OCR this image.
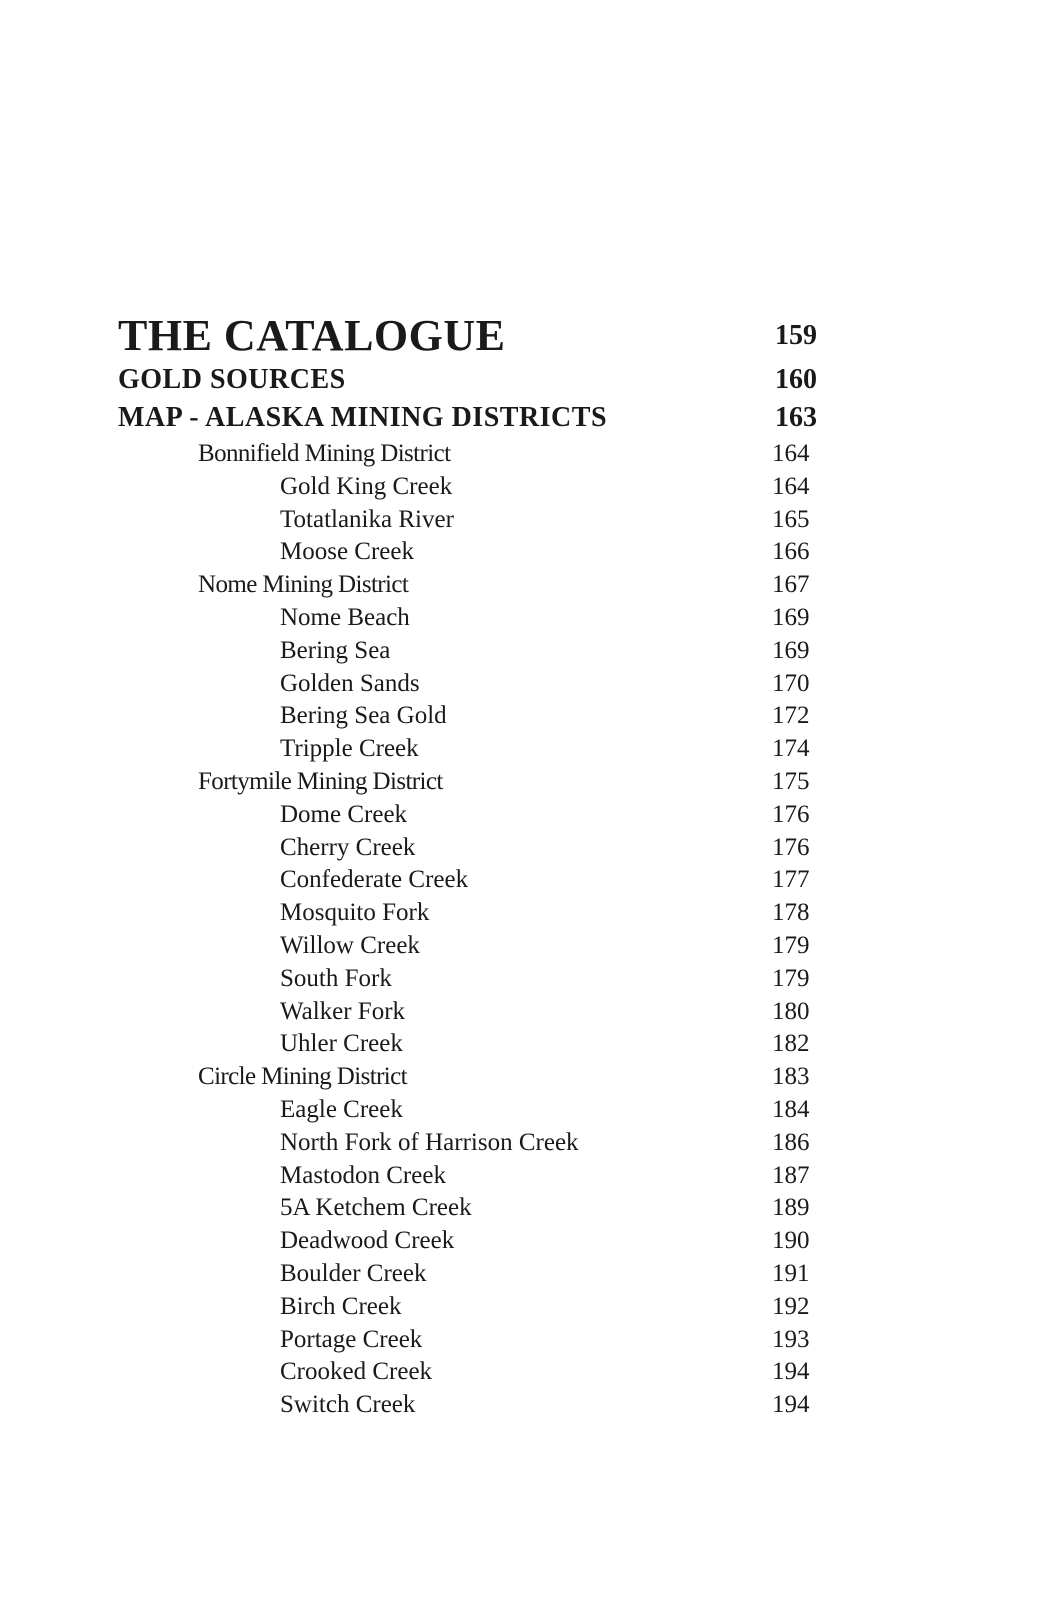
THE CATALOGUE	159
GOLD SOURCES	160
MAP - ALASKA MINING DISTRICTS	163
Bonnifield Mining District	164
Gold King Creek	164
Totatlanika River	165
Moose Creek	166
Nome Mining District	167
Nome Beach	169
Bering Sea	169
Golden Sands	170
Bering Sea Gold	172
Tripple Creek	174
Fortymile Mining District	175
Dome Creek	176
Cherry Creek	176
Confederate Creek	177
Mosquito Fork	178
Willow Creek	179
South Fork	179
Walker Fork	180
Uhler Creek	182
Circle Mining District	183
Eagle Creek	184
North Fork of Harrison Creek	186
Mastodon Creek	187
5A Ketchem Creek	189
Deadwood Creek	190
Boulder Creek	191
Birch Creek	192
Portage Creek	193
Crooked Creek	194
Switch Creek	194
